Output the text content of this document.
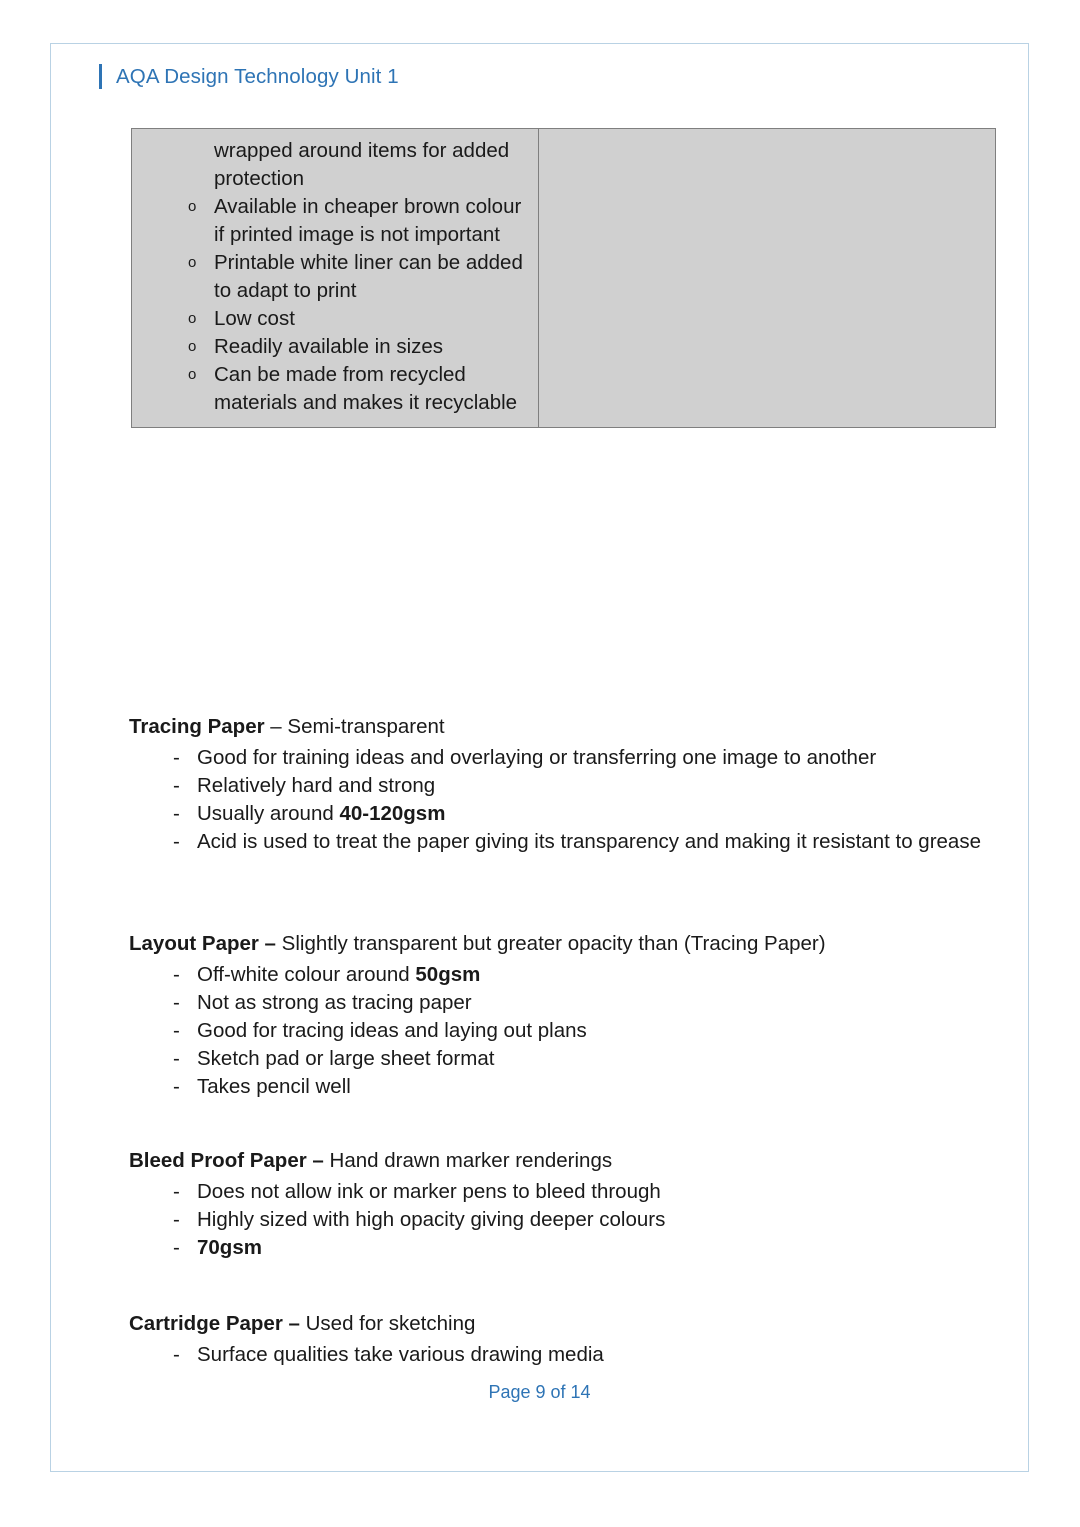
AQA Design Technology Unit 1

wrapped around items for added
protection

o Available in cheaper brown colour if printed image is not important
o Printable white liner can be added to adapt to print
o Low cost
o Readily available in sizes
o Can be made from recycled materials and makes it recyclable

Tracing Paper – Semi-transparent

- Good for training ideas and overlaying or transferring one image to another
- Relatively hard and strong
- Usually around 40-120gsm
- Acid is used to treat the paper giving its transparency and making it resistant to grease

Layout Paper – Slightly transparent but greater opacity than (Tracing Paper)

- Off-white colour around 50gsm
- Not as strong as tracing paper
- Good for tracing ideas and laying out plans
- Sketch pad or large sheet format
- Takes pencil well

Bleed Proof Paper – Hand drawn marker renderings

- Does not allow ink or marker pens to bleed through
- Highly sized with high opacity giving deeper colours
- 70gsm

Cartridge Paper – Used for sketching

- Surface qualities take various drawing media
Page 9 of 14
